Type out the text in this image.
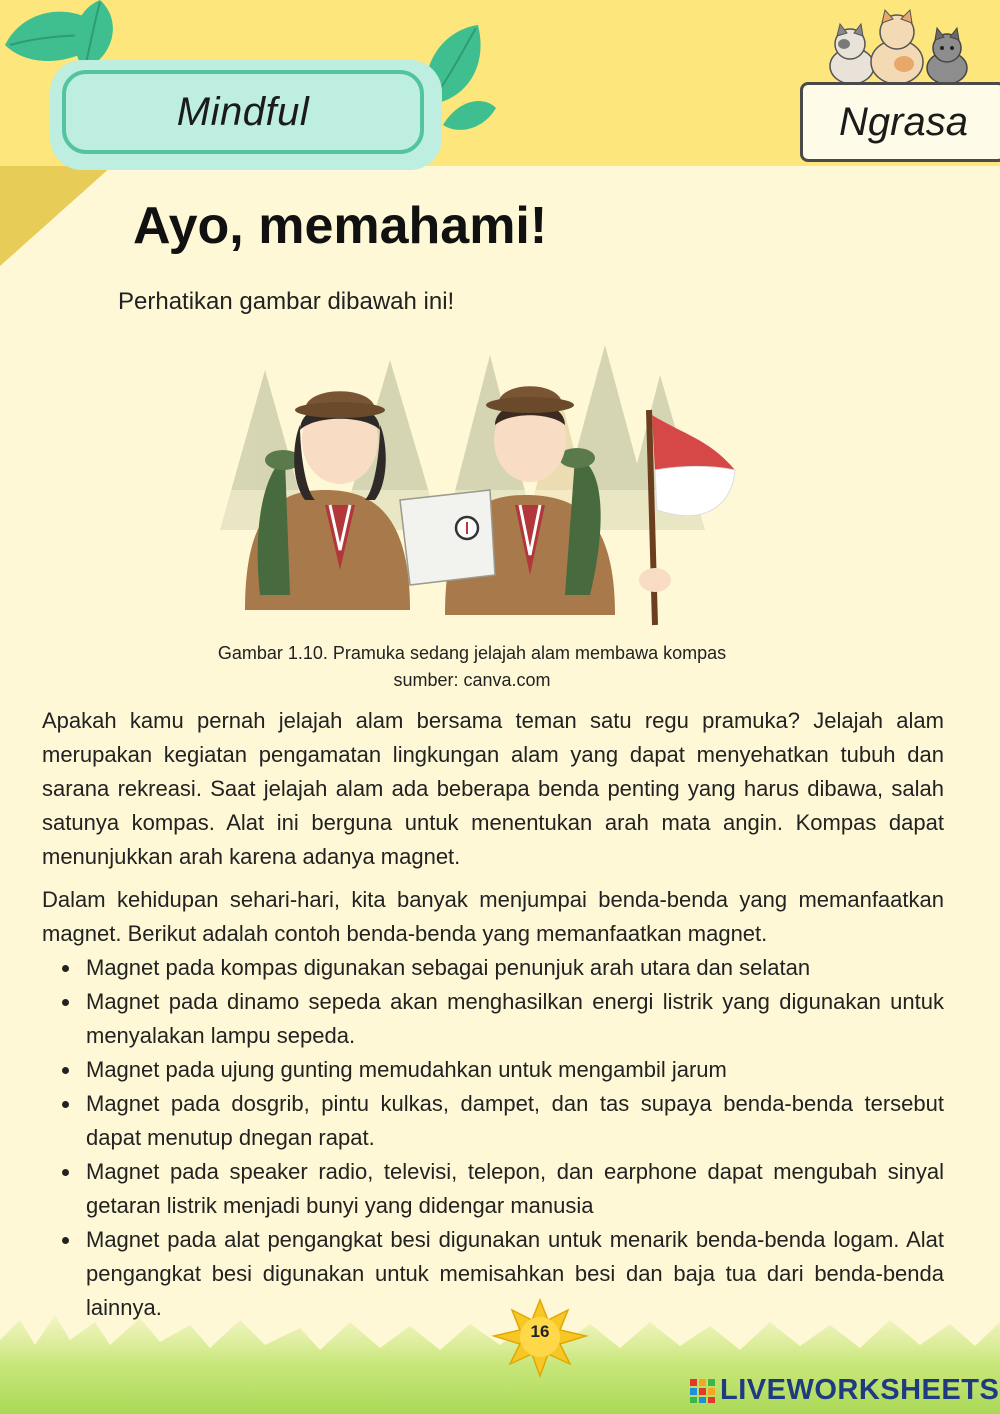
Mindful	Ngrasa
Ayo, memahami!
Perhatikan gambar dibawah ini!
Gambar 1.10. Pramuka sedang jelajah alam membawa kompas
sumber: canva.com

Apakah kamu pernah jelajah alam bersama teman satu regu pramuka? Jelajah alam merupakan kegiatan pengamatan lingkungan alam yang dapat menyehatkan tubuh dan sarana rekreasi. Saat jelajah alam ada beberapa benda penting yang harus dibawa, salah satunya kompas. Alat ini berguna untuk menentukan arah mata angin. Kompas dapat menunjukkan arah karena adanya magnet.

Dalam kehidupan sehari-hari, kita banyak menjumpai benda-benda yang memanfaatkan magnet. Berikut adalah contoh benda-benda yang memanfaatkan magnet.

Magnet pada kompas digunakan sebagai penunjuk arah utara dan selatan
Magnet pada dinamo sepeda akan menghasilkan energi listrik yang digunakan untuk menyalakan lampu sepeda.
Magnet pada ujung gunting memudahkan untuk mengambil jarum
Magnet pada dosgrib, pintu kulkas, dampet, dan tas supaya benda-benda tersebut dapat menutup dnegan rapat.
Magnet pada speaker radio, televisi, telepon, dan earphone dapat mengubah sinyal getaran listrik menjadi bunyi yang didengar manusia
Magnet pada alat pengangkat besi digunakan untuk menarik benda-benda logam. Alat pengangkat besi digunakan untuk memisahkan besi dan baja tua dari benda-benda lainnya.
16
LIVEWORKSHEETS
